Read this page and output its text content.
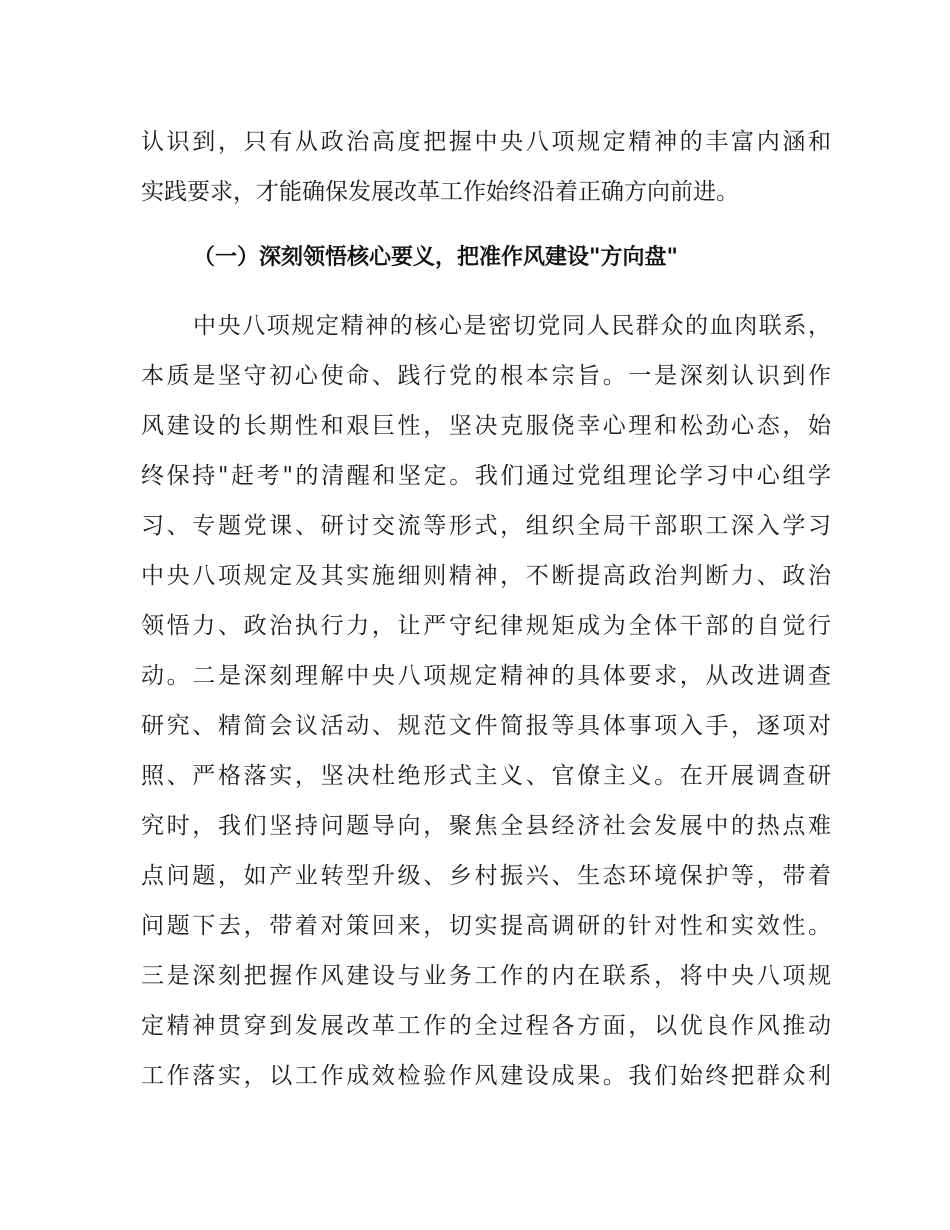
认识到，只有从政治高度把握中央八项规定精神的丰富内涵和
实践要求，才能确保发展改革工作始终沿着正确方向前进。
（一）深刻领悟核心要义，把准作风建设"方向盘"
中央八项规定精神的核心是密切党同人民群众的血肉联系，
本质是坚守初心使命、践行党的根本宗旨。一是深刻认识到作
风建设的长期性和艰巨性，坚决克服侥幸心理和松劲心态，始
终保持"赶考"的清醒和坚定。我们通过党组理论学习中心组学
习、专题党课、研讨交流等形式，组织全局干部职工深入学习
中央八项规定及其实施细则精神，不断提高政治判断力、政治
领悟力、政治执行力，让严守纪律规矩成为全体干部的自觉行
动。二是深刻理解中央八项规定精神的具体要求，从改进调查
研究、精简会议活动、规范文件简报等具体事项入手，逐项对
照、严格落实，坚决杜绝形式主义、官僚主义。在开展调查研
究时，我们坚持问题导向，聚焦全县经济社会发展中的热点难
点问题，如产业转型升级、乡村振兴、生态环境保护等，带着
问题下去，带着对策回来，切实提高调研的针对性和实效性。
三是深刻把握作风建设与业务工作的内在联系，将中央八项规
定精神贯穿到发展改革工作的全过程各方面，以优良作风推动
工作落实，以工作成效检验作风建设成果。我们始终把群众利
